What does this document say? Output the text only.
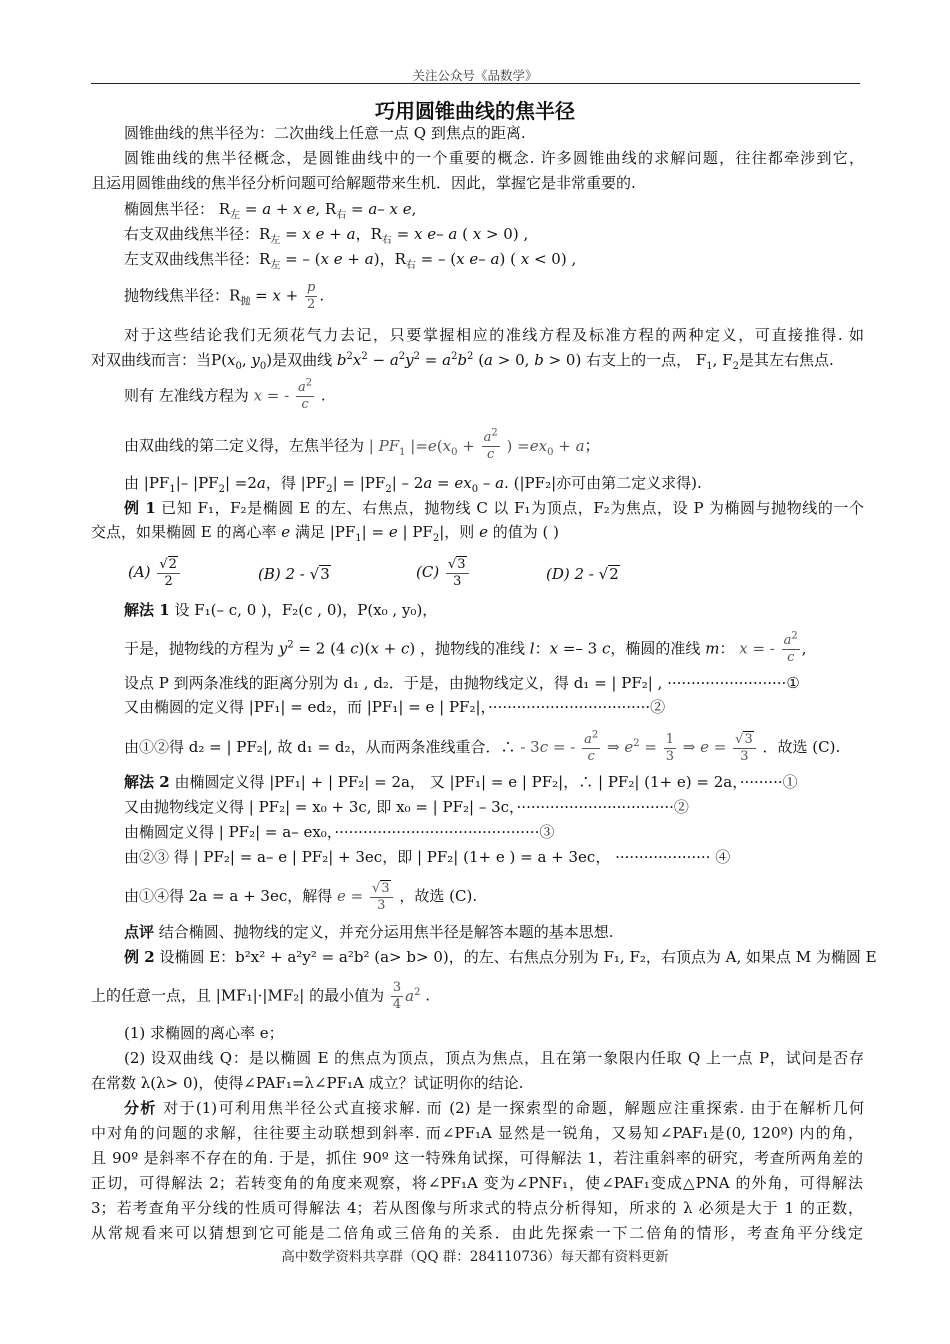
关注公众号《品数学》
巧用圆锥曲线的焦半径
圆锥曲线的焦半径为：二次曲线上任意一点 Q 到焦点的距离.
圆锥曲线的焦半径概念，是圆锥曲线中的一个重要的概念. 许多圆锥曲线的求解问题，往往都牵涉到它，
且运用圆锥曲线的焦半径分析问题可给解题带来生机．因此，掌握它是非常重要的.
椭圆焦半径： $R_左 = a + x$ e, $R_右 = a-$ x e,
右支双曲线焦半径：$R_左 = x$ e + a，$R_右 = x$ e– a ( x > 0) ,
左支双曲线焦半径：$R_左$ = – (x e + a)，$R_右$ = – (x e– a) ( x < 0) ,
抛物线焦半径：$R_抛 = x + \frac{p}{2}$ .
对于这些结论我们无须花气力去记，只要掌握相应的准线方程及标准方程的两种定义，可直接推得. 如
对双曲线而言：当$P(x_0$, $y_0$)是双曲线 $b^2x^2 - a^2y^2 = a^2b^2$ (a > 0, b > 0) 右支上的一点， $F_1$, $F_2$是其左右焦点.
则有 左准线方程为 x = - $\frac{a^2}{c}$ .
由双曲线的第二定义得，左焦半径为 | $PF_1$ $|=e(x_0 + \frac{a^2}{c}$ ) $=ex_0 + a$；
由 $|PF_1|-$ $|PF_2| =2a$，得 $|PF_2| = |PF_2| - 2a = ex_0 - a$. (|PF₂|亦可由第二定义求得).
例 1 已知 F₁，F₂是椭圆 E 的左、右焦点，抛物线 C 以 F₁为顶点，F₂为焦点，设 P 为椭圆与抛物线的一个
交点，如果椭圆 E 的离心率 e 满足 $|PF_1| = e$ | $PF_2|$，则 e 的值为 ( )
$(A) \frac{√2}{2}$	(B) 2 - √3	$(C) \frac{√3}{3}$	(D) 2 - √2
解法 1 设 F₁(– c, 0 )，F₂(c , 0)，P(x₀ , y₀)，
于是，抛物线的方程为 $y^2 = 2$ (4 c)(x + c) ，抛物线的准线 l：x =– 3 c，椭圆的准线 m： x = - $\frac{a^2}{c}$ ,
设点 P 到两条准线的距离分别为 d₁ , d₂．于是，由抛物线定义，得 d₁ = | PF₂| , ·························①
又由椭圆的定义得 |PF₁| = ed₂，而 |PF₁| = e | PF₂|，··································②
由①②得 d₂ = | PF₂|, 故 d₁ = d₂，从而两条准线重合．∴ - 3c = - $\frac{a^2}{c}$ ⇒ $e^2 = \frac{1}{3}$ ⇒ $e = \frac{√3}{3}$ ．故选 (C).
解法 2 由椭圆定义得 |PF₁| + | PF₂| = 2a， 又 |PF₁| = e | PF₂|，∴ | PF₂| (1+ e) = 2a，·········①
又由抛物线定义得 | PF₂| = x₀ + 3c, 即 x₀ = | PF₂| – 3c，·································②
由椭圆定义得 | PF₂| = a– ex₀，···········································③
由②③ 得 | PF₂| = a– e | PF₂| + 3ec，即 | PF₂| (1+ e ) = a + 3ec， ···················· ④
由①④得 2a = a + 3ec，解得 $e = \frac{√3}{3}$ ，故选 (C).
点评 结合椭圆、抛物线的定义，并充分运用焦半径是解答本题的基本思想.
例 2 设椭圆 E：b²x² + a²y² = a²b² (a> b> 0)，的左、右焦点分别为 F₁, F₂，右顶点为 A, 如果点 M 为椭圆 E
上的任意一点，且 |MF₁|·|MF₂| 的最小值为 $\frac{3}{4} a^2$ .
(1) 求椭圆的离心率 e；
(2) 设双曲线 Q：是以椭圆 E 的焦点为顶点，顶点为焦点，且在第一象限内任取 Q 上一点 P，试问是否存
在常数 λ(λ> 0)，使得∠PAF₁=λ∠PF₁A 成立？试证明你的结论.
分析 对于(1)可利用焦半径公式直接求解. 而 (2) 是一探索型的命题，解题应注重探索. 由于在解析几何
中对角的问题的求解，往往要主动联想到斜率. 而∠PF₁A 显然是一锐角，又易知∠PAF₁是(0, 120º) 内的角，
且 90º 是斜率不存在的角. 于是，抓住 90º 这一特殊角试探，可得解法 1，若注重斜率的研究，考查所两角差的
正切，可得解法 2；若转变角的角度来观察，将∠PF₁A 变为∠PNF₁，使∠PAF₁变成△PNA 的外角，可得解法
3；若考查角平分线的性质可得解法 4；若从图像与所求式的特点分析得知，所求的 λ 必须是大于 1 的正数，
从常规看来可以猜想到它可能是二倍角或三倍角的关系．由此先探索一下二倍角的情形，考查角平分线定
高中数学资料共享群（QQ 群：284110736）每天都有资料更新
